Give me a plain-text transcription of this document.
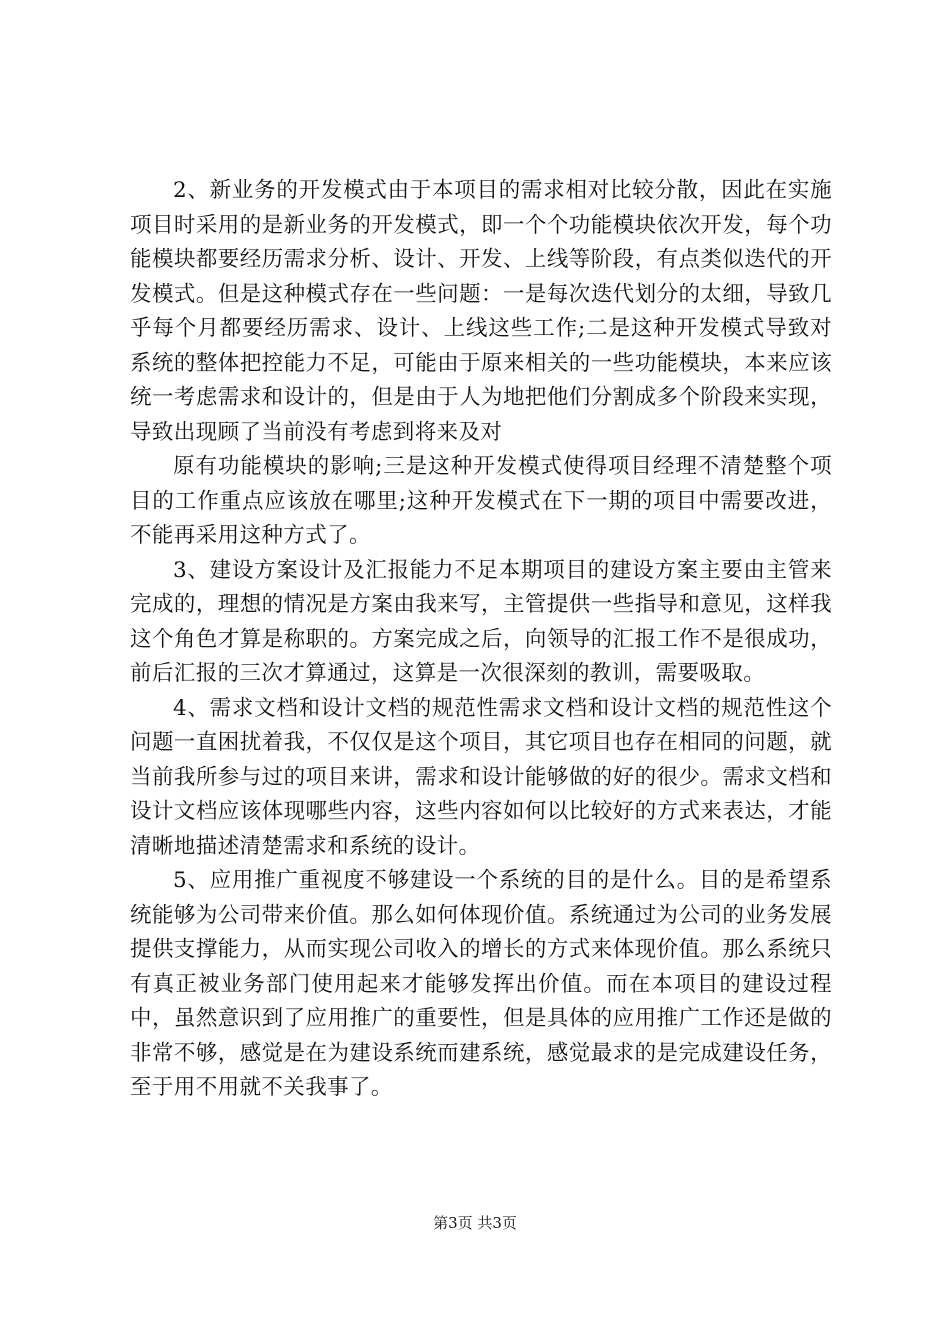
2、新业务的开发模式由于本项目的需求相对比较分散，因此在实施项目时采用的是新业务的开发模式，即一个个功能模块依次开发，每个功能模块都要经历需求分析、设计、开发、上线等阶段，有点类似迭代的开发模式。但是这种模式存在一些问题：一是每次迭代划分的太细，导致几乎每个月都要经历需求、设计、上线这些工作;二是这种开发模式导致对系统的整体把控能力不足，可能由于原来相关的一些功能模块，本来应该统一考虑需求和设计的，但是由于人为地把他们分割成多个阶段来实现，导致出现顾了当前没有考虑到将来及对

原有功能模块的影响;三是这种开发模式使得项目经理不清楚整个项目的工作重点应该放在哪里;这种开发模式在下一期的项目中需要改进，不能再采用这种方式了。

3、建设方案设计及汇报能力不足本期项目的建设方案主要由主管来完成的，理想的情况是方案由我来写，主管提供一些指导和意见，这样我这个角色才算是称职的。方案完成之后，向领导的汇报工作不是很成功，前后汇报的三次才算通过，这算是一次很深刻的教训，需要吸取。

4、需求文档和设计文档的规范性需求文档和设计文档的规范性这个问题一直困扰着我，不仅仅是这个项目，其它项目也存在相同的问题，就当前我所参与过的项目来讲，需求和设计能够做的好的很少。需求文档和设计文档应该体现哪些内容，这些内容如何以比较好的方式来表达，才能清晰地描述清楚需求和系统的设计。

5、应用推广重视度不够建设一个系统的目的是什么。目的是希望系统能够为公司带来价值。那么如何体现价值。系统通过为公司的业务发展提供支撑能力，从而实现公司收入的增长的方式来体现价值。那么系统只有真正被业务部门使用起来才能够发挥出价值。而在本项目的建设过程中，虽然意识到了应用推广的重要性，但是具体的应用推广工作还是做的非常不够，感觉是在为建设系统而建系统，感觉最求的是完成建设任务，至于用不用就不关我事了。

第3页 共3页
